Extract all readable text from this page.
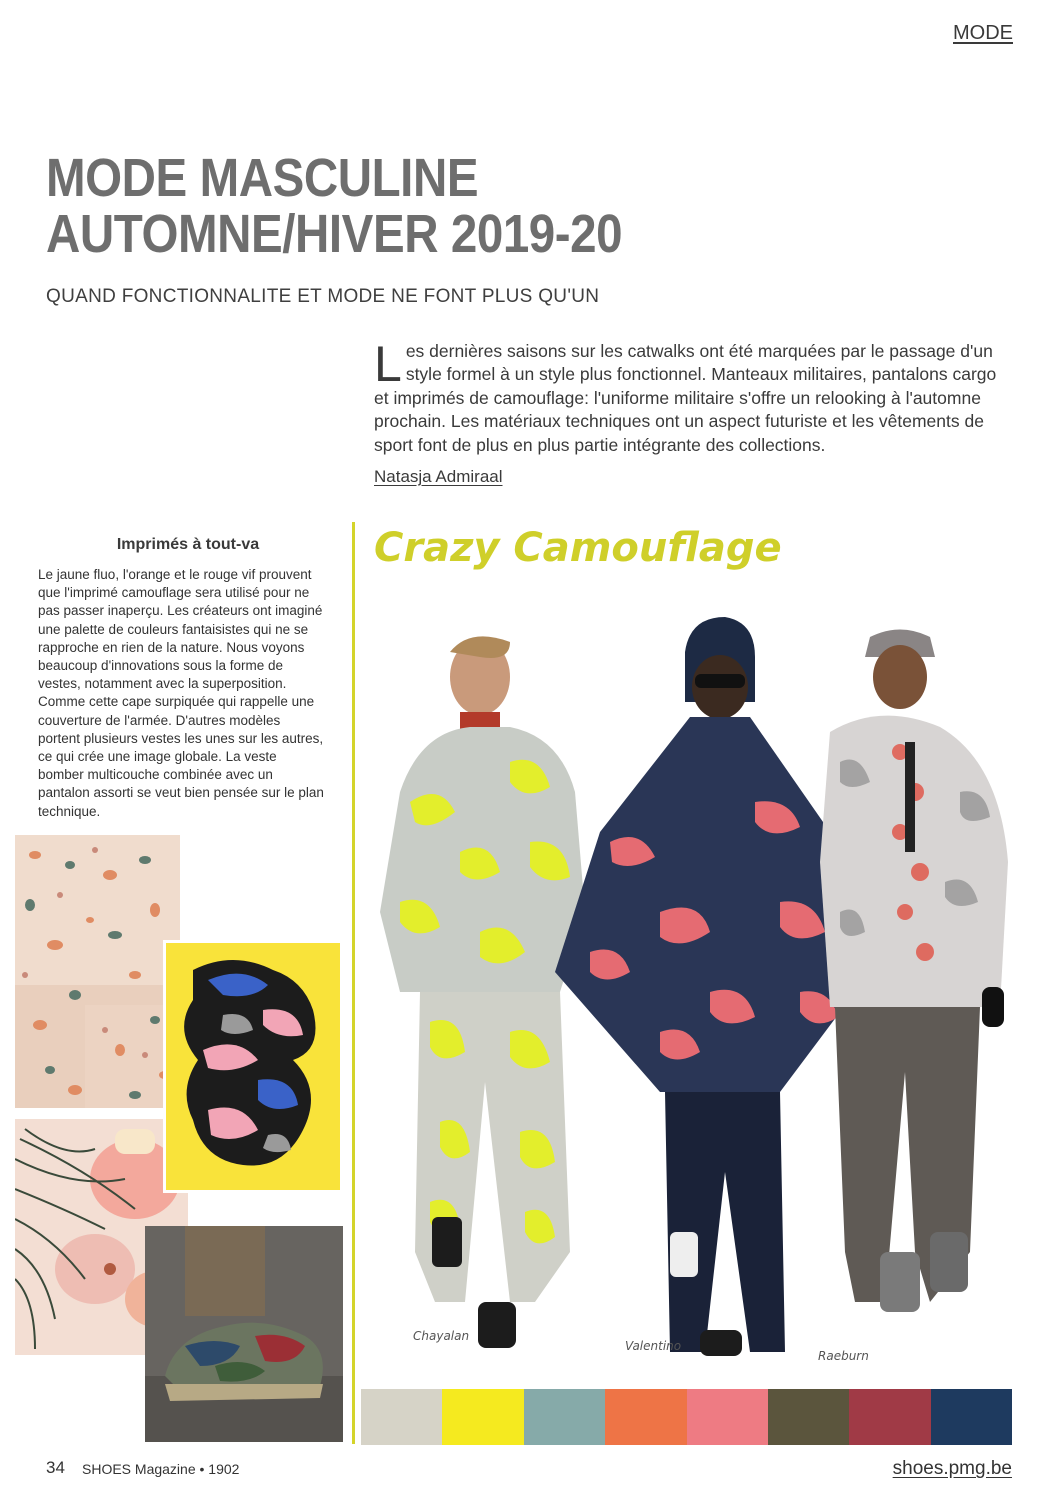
MODE
MODE MASCULINE
AUTOMNE/HIVER 2019-20
QUAND FONCTIONNALITE ET MODE NE FONT PLUS QU'UN

L es dernières saisons sur les catwalks ont été marquées par le passage d'un style formel à un style plus fonctionnel. Manteaux militaires, pantalons cargo et imprimés de camouflage: l'uniforme militaire s'offre un relooking à l'automne prochain. Les matériaux techniques ont un aspect futuriste et les vêtements de sport font de plus en plus partie intégrante des collections.

Natasja Admiraal
Imprimés à tout-va

Le jaune fluo, l'orange et le rouge vif prouvent que l'imprimé camouflage sera utilisé pour ne pas passer inaperçu. Les créateurs ont imaginé une palette de couleurs fantaisistes qui ne se rapproche en rien de la nature. Nous voyons beaucoup d'innovations sous la forme de vestes, notamment avec la superposition. Comme cette cape surpiquée qui rappelle une couverture de l'armée. D'autres modèles portent plusieurs vestes les unes sur les autres, ce qui crée une image globale. La veste bomber multicouche combinée avec un pantalon assorti se veut bien pensée sur le plan technique.

Crazy Camouflage
Chayalan
Valentino
Raeburn
34 SHOES Magazine • 1902	shoes.pmg.be
